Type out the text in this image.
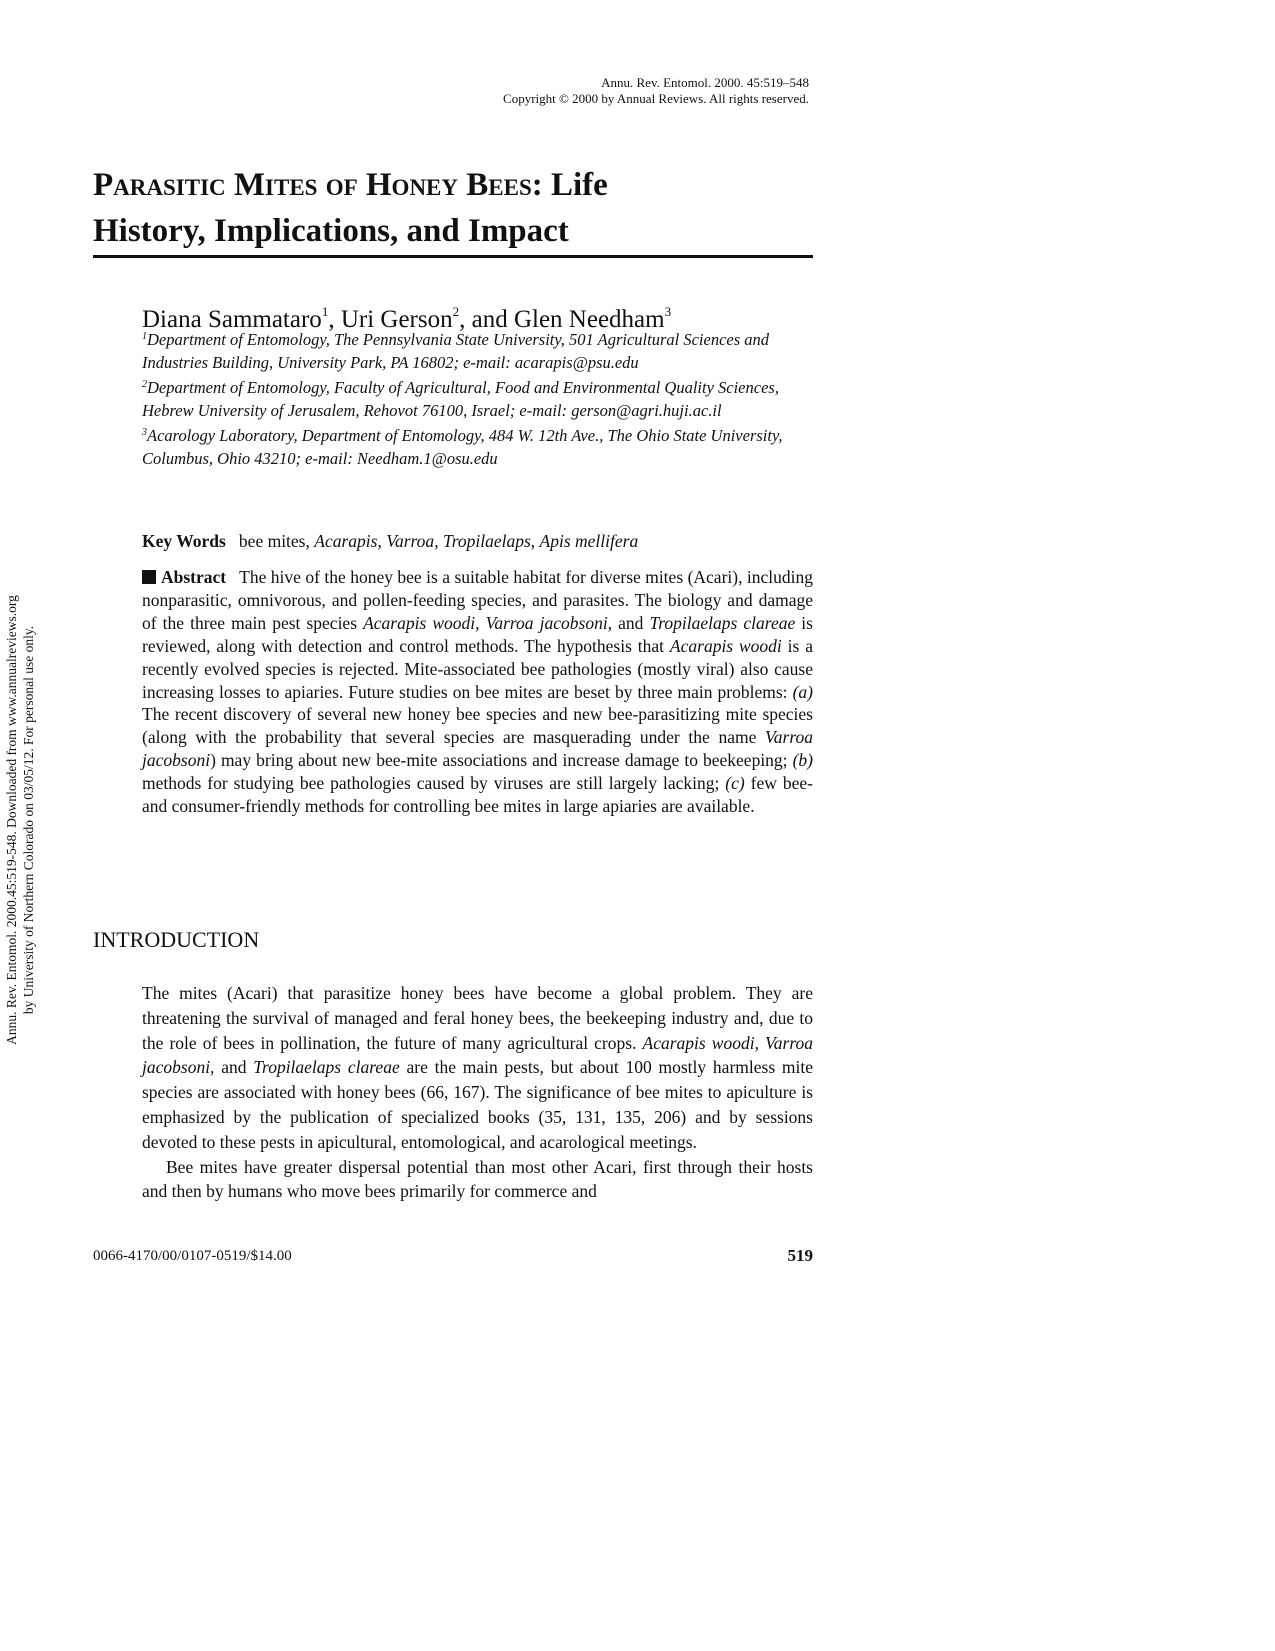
Annu. Rev. Entomol. 2000. 45:519–548
Copyright © 2000 by Annual Reviews. All rights reserved.
Parasitic Mites of Honey Bees: Life
History, Implications, and Impact
Diana Sammataro$^1$, Uri Gerson$^2$, and Glen Needham$^3$
$^1$Department of Entomology, The Pennsylvania State University, 501 Agricultural Sciences and Industries Building, University Park, PA 16802; e-mail: acarapis@psu.edu
$^2$Department of Entomology, Faculty of Agricultural, Food and Environmental Quality Sciences, Hebrew University of Jerusalem, Rehovot 76100, Israel; e-mail: gerson@agri.huji.ac.il
$^3$Acarology Laboratory, Department of Entomology, 484 W. 12th Ave., The Ohio State University, Columbus, Ohio 43210; e-mail: Needham.1@osu.edu
Key Words bee mites, Acarapis, Varroa, Tropilaelaps, Apis mellifera
Abstract The hive of the honey bee is a suitable habitat for diverse mites (Acari), including nonparasitic, omnivorous, and pollen-feeding species, and parasites. The biology and damage of the three main pest species Acarapis woodi, Varroa jacobsoni, and Tropilaelaps clareae is reviewed, along with detection and control methods. The hypothesis that Acarapis woodi is a recently evolved species is rejected. Mite-associated bee pathologies (mostly viral) also cause increasing losses to apiaries. Future studies on bee mites are beset by three main problems: (a) The recent discovery of several new honey bee species and new bee-parasitizing mite species (along with the probability that several species are masquerading under the name Varroa jacobsoni) may bring about new bee-mite associations and increase damage to beekeeping; (b) methods for studying bee pathologies caused by viruses are still largely lacking; (c) few bee- and consumer-friendly methods for controlling bee mites in large apiaries are available.
INTRODUCTION

The mites (Acari) that parasitize honey bees have become a global problem. They are threatening the survival of managed and feral honey bees, the beekeeping industry and, due to the role of bees in pollination, the future of many agricultural crops. Acarapis woodi, Varroa jacobsoni, and Tropilaelaps clareae are the main pests, but about 100 mostly harmless mite species are associated with honey bees (66, 167). The significance of bee mites to apiculture is emphasized by the publication of specialized books (35, 131, 135, 206) and by sessions devoted to these pests in apicultural, entomological, and acarological meetings.

Bee mites have greater dispersal potential than most other Acari, first through their hosts and then by humans who move bees primarily for commerce and

Annu. Rev. Entomol. 2000.45:519-548. Downloaded from www.annualreviews.org by University of Northern Colorado on 03/05/12. For personal use only.
0066-4170/00/0107-0519/$14.00	519
